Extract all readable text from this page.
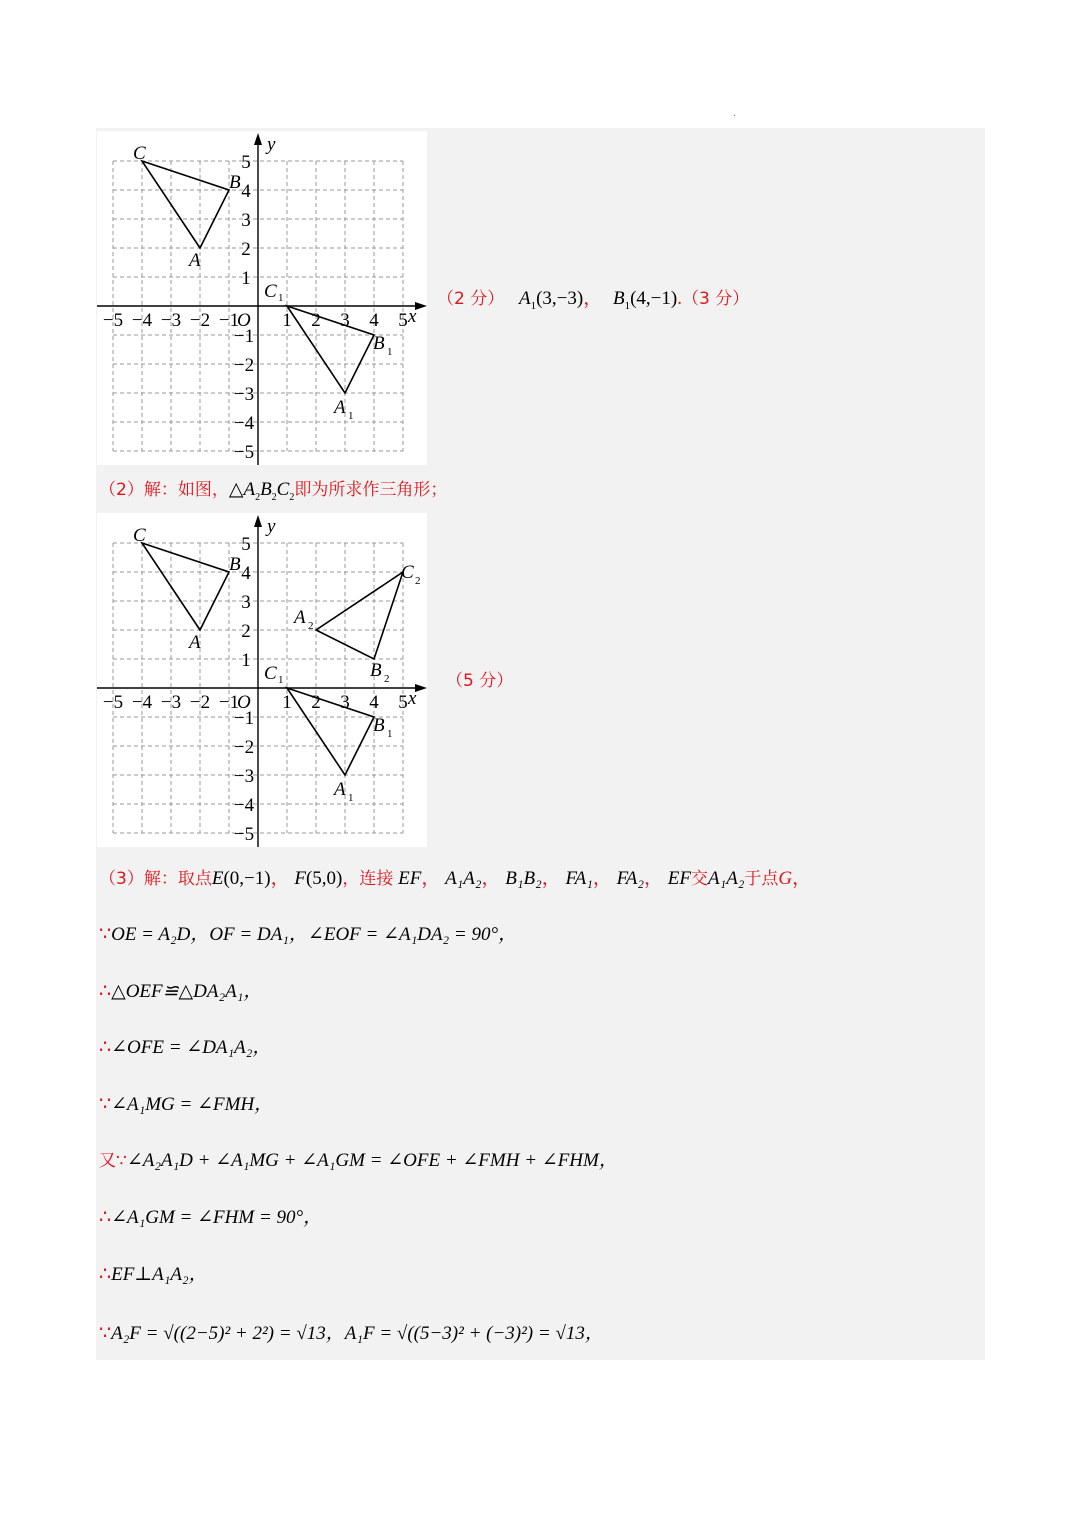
.
−5 −4 −3 −2 −1 1 2 3 4 5
5
4
3
2
1
−1
−2
−3
−4
−5
y
x
O
C
B
A
C 1
B 1
A 1
（2 分） $A_1(3,-3)$， $B_1(4,-1).(3$ 分）
（2）解：如图，$\triangle A_2B_2C_2$即为所求作三角形；
−5 −4 −3 −2 −1 1 2 3 4 5
5
4
3
2
1
−1
−2
−3
−4
−5
y
x
O
C
B
A
C 1
B 1
A 1
A 2
B 2
C 2
（5 分）
（3）解：取点E(0,−1)， F(5,0)，连接 EF， A₁A₂， B₁B₂， FA₁， FA₂， EF交A₁A₂于点G，
∵OE = A₂D，OF = DA₁，∠EOF = ∠A₁DA₂ = 90°，
∴△OEF≌△DA₂A₁，
∴∠OFE = ∠DA₁A₂，
∵∠A₁MG = ∠FMH，
又∵∠A₂A₁D + ∠A₁MG + ∠A₁GM = ∠OFE + ∠FMH + ∠FHM，
∴∠A₁GM = ∠FHM = 90°，
∴EF⊥A₁A₂，
∵A₂F = √((2−5)² + 2²) = √13，A₁F = √((5−3)² + (−3)²) = √13，
